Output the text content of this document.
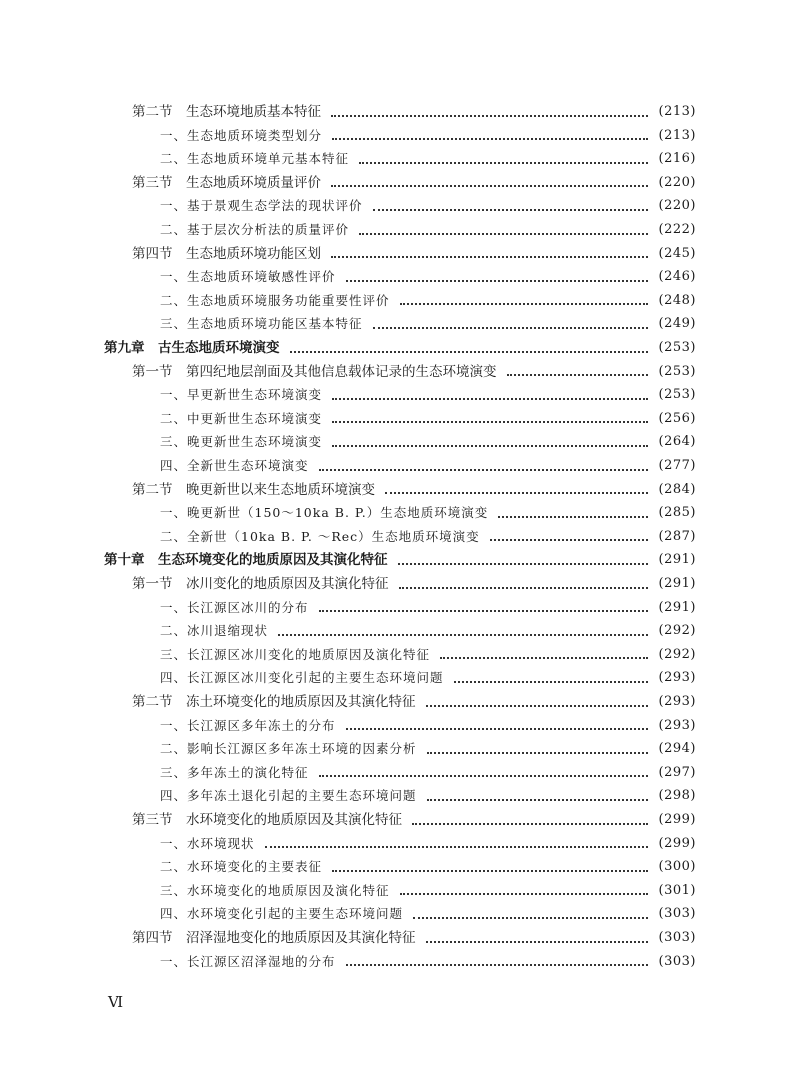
第二节　生态环境地质基本特征	(213)
一、生态地质环境类型划分	(213)
二、生态地质环境单元基本特征	(216)
第三节　生态地质环境质量评价	(220)
一、基于景观生态学法的现状评价	(220)
二、基于层次分析法的质量评价	(222)
第四节　生态地质环境功能区划	(245)
一、生态地质环境敏感性评价	(246)
二、生态地质环境服务功能重要性评价	(248)
三、生态地质环境功能区基本特征	(249)
第九章　古生态地质环境演变	(253)
第一节　第四纪地层剖面及其他信息载体记录的生态环境演变	(253)
一、早更新世生态环境演变	(253)
二、中更新世生态环境演变	(256)
三、晚更新世生态环境演变	(264)
四、全新世生态环境演变	(277)
第二节　晚更新世以来生态地质环境演变	(284)
一、晚更新世（150～10ka B. P.）生态地质环境演变	(285)
二、全新世（10ka B. P. ～Rec）生态地质环境演变	(287)
第十章　生态环境变化的地质原因及其演化特征	(291)
第一节　冰川变化的地质原因及其演化特征	(291)
一、长江源区冰川的分布	(291)
二、冰川退缩现状	(292)
三、长江源区冰川变化的地质原因及演化特征	(292)
四、长江源区冰川变化引起的主要生态环境问题	(293)
第二节　冻土环境变化的地质原因及其演化特征	(293)
一、长江源区多年冻土的分布	(293)
二、影响长江源区多年冻土环境的因素分析	(294)
三、多年冻土的演化特征	(297)
四、多年冻土退化引起的主要生态环境问题	(298)
第三节　水环境变化的地质原因及其演化特征	(299)
一、水环境现状	(299)
二、水环境变化的主要表征	(300)
三、水环境变化的地质原因及演化特征	(301)
四、水环境变化引起的主要生态环境问题	(303)
第四节　沼泽湿地变化的地质原因及其演化特征	(303)
一、长江源区沼泽湿地的分布	(303)
Ⅵ
